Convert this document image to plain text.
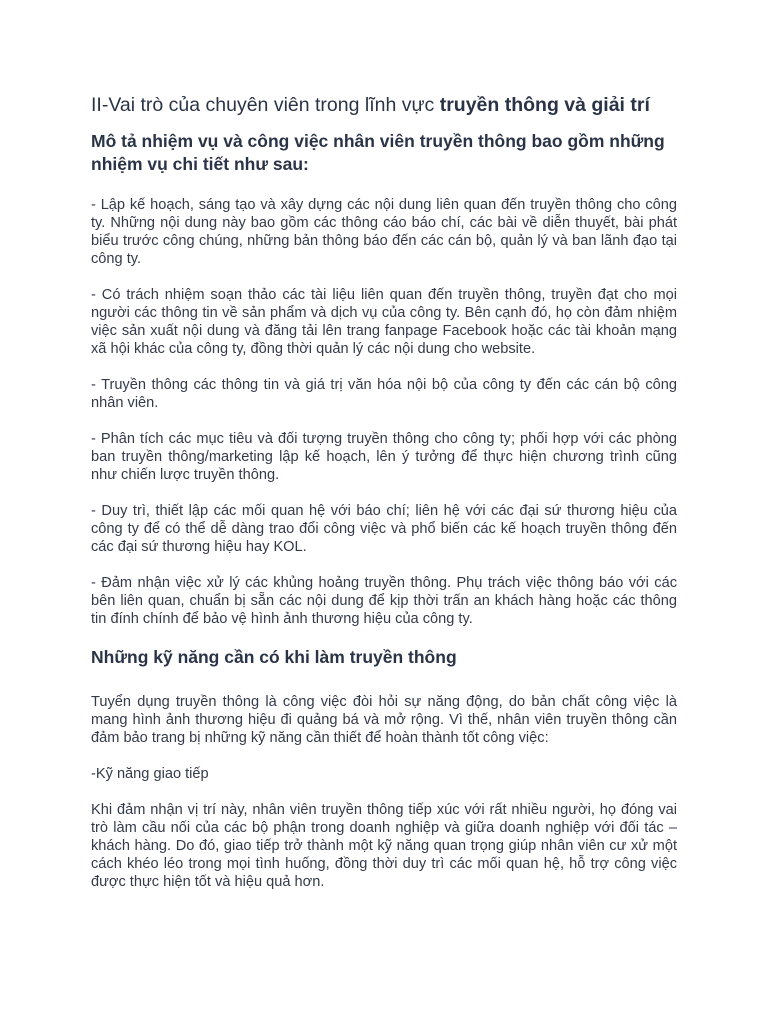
II-Vai trò của chuyên viên trong lĩnh vực truyền thông và giải trí
Mô tả nhiệm vụ và công việc nhân viên truyền thông bao gồm những nhiệm vụ chi tiết như sau:

- Lập kế hoạch, sáng tạo và xây dựng các nội dung liên quan đến truyền thông cho công ty. Những nội dung này bao gồm các thông cáo báo chí, các bài về diễn thuyết, bài phát biểu trước công chúng, những bản thông báo đến các cán bộ, quản lý và ban lãnh đạo tại công ty.

- Có trách nhiệm soạn thảo các tài liệu liên quan đến truyền thông, truyền đạt cho mọi người các thông tin về sản phẩm và dịch vụ của công ty. Bên cạnh đó, họ còn đảm nhiệm việc sản xuất nội dung và đăng tải lên trang fanpage Facebook hoặc các tài khoản mạng xã hội khác của công ty, đồng thời quản lý các nội dung cho website.

- Truyền thông các thông tin và giá trị văn hóa nội bộ của công ty đến các cán bộ công nhân viên.

- Phân tích các mục tiêu và đối tượng truyền thông cho công ty; phối hợp với các phòng ban truyền thông/marketing lập kế hoạch, lên ý tưởng để thực hiện chương trình cũng như chiến lược truyền thông.

- Duy trì, thiết lập các mối quan hệ với báo chí; liên hệ với các đại sứ thương hiệu của công ty để có thể dễ dàng trao đổi công việc và phổ biến các kế hoạch truyền thông đến các đại sứ thương hiệu hay KOL.

- Đảm nhận việc xử lý các khủng hoảng truyền thông. Phụ trách việc thông báo với các bên liên quan, chuẩn bị sẵn các nội dung để kịp thời trấn an khách hàng hoặc các thông tin đính chính để bảo vệ hình ảnh thương hiệu của công ty.

Những kỹ năng cần có khi làm truyền thông

Tuyển dụng truyền thông là công việc đòi hỏi sự năng động, do bản chất công việc là mang hình ảnh thương hiệu đi quảng bá và mở rộng. Vì thế, nhân viên truyền thông cần đảm bảo trang bị những kỹ năng cần thiết để hoàn thành tốt công việc:

-Kỹ năng giao tiếp

Khi đảm nhận vị trí này, nhân viên truyền thông tiếp xúc với rất nhiều người, họ đóng vai trò làm cầu nối của các bộ phận trong doanh nghiệp và giữa doanh nghiệp với đối tác – khách hàng. Do đó, giao tiếp trở thành một kỹ năng quan trọng giúp nhân viên cư xử một cách khéo léo trong mọi tình huống, đồng thời duy trì các mối quan hệ, hỗ trợ công việc được thực hiện tốt và hiệu quả hơn.
